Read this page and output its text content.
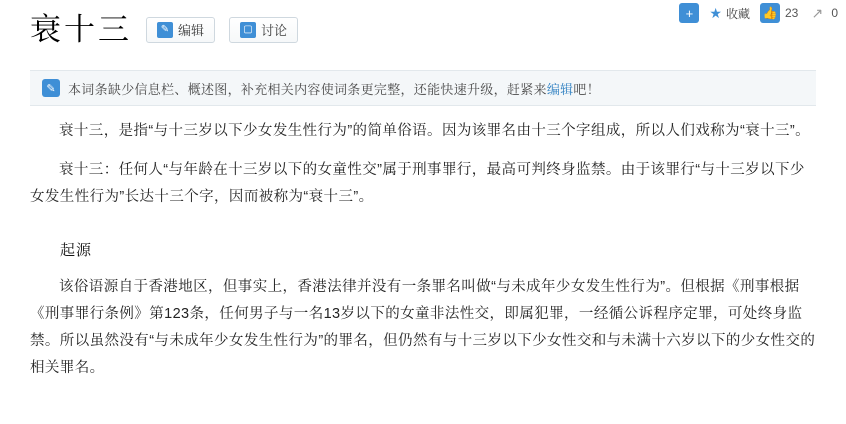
+	★ 收藏 👍 23 ↗ 0
衰十三	✎ 编辑	▢ 讨论
✎ 本词条缺少信息栏、概述图，补充相关内容使词条更完整，还能快速升级，赶紧来编辑吧！

衰十三，是指“与十三岁以下少女发生性行为”的简单俗语。因为该罪名由十三个字组成，所以人们戏称为“衰十三”。

衰十三：任何人“与年龄在十三岁以下的女童性交”属于刑事罪行，最高可判终身监禁。由于该罪行“与十三岁以下少女发生性行为”长达十三个字，因而被称为“衰十三”。

起源

该俗语源自于香港地区，但事实上，香港法律并没有一条罪名叫做“与未成年少女发生性行为”。但根据《刑事根据《刑事罪行条例》第123条，任何男子与一名13岁以下的女童非法性交，即属犯罪，一经循公诉程序定罪，可处终身监禁。所以虽然没有“与未成年少女发生性行为”的罪名，但仍然有与十三岁以下少女性交和与未满十六岁以下的少女性交的相关罪名。
